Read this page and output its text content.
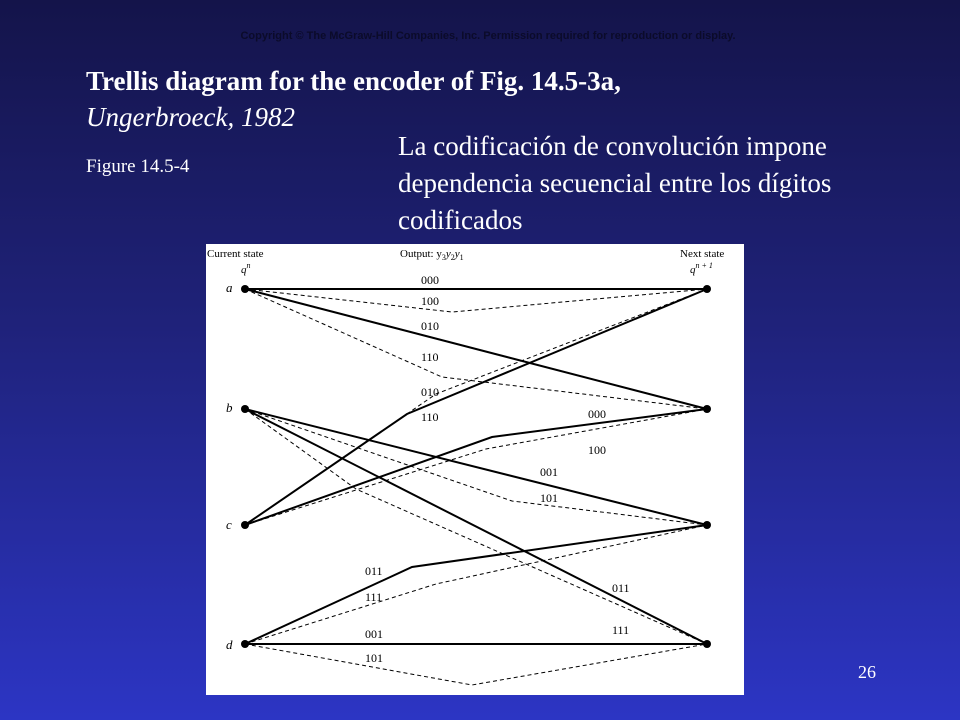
Copyright © The McGraw-Hill Companies, Inc. Permission required for reproduction or display.
Trellis diagram for the encoder of Fig. 14.5-3a,
Ungerbroeck, 1982
Figure 14.5-4
La codificación de convolución impone dependencia secuencial entre los dígitos codificados
Current state	Output: $y_3y_2y_1$	Next state
$q^n$	$q^{n + 1}$
a
b
c
d
000
100
010
110
001
101
011
111
010
110	000
100
011
111
001
101
26
